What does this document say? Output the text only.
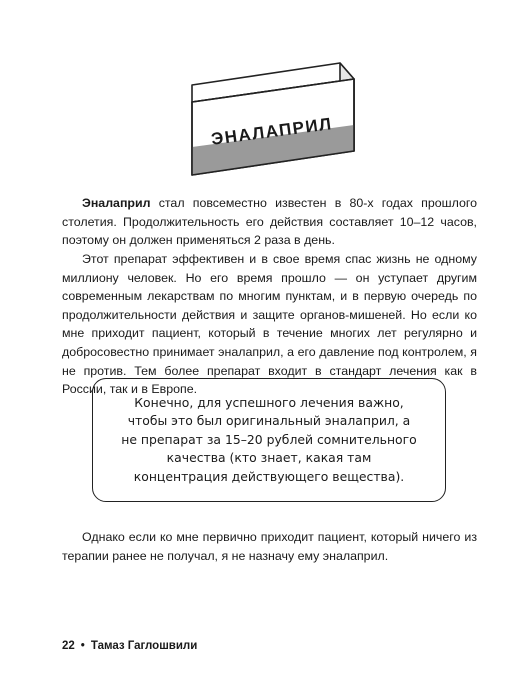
ЭНАЛАПРИЛ

Эналаприл стал повсеместно известен в 80-х годах прошлого столетия. Продолжительность его действия составляет 10–12 часов, поэтому он должен применяться 2 раза в день.

Этот препарат эффективен и в свое время спас жизнь не одному миллиону человек. Но его время прошло — он уступает другим современным лекарствам по многим пунктам, и в первую очередь по продолжительности действия и защите органов-мишеней. Но если ко мне приходит пациент, который в течение многих лет регулярно и добросовестно принимает эналаприл, а его давление под контролем, я не против. Тем более препарат входит в стандарт лечения как в России, так и в Европе.

Конечно, для успешного лечения важно, чтобы это был оригинальный эналаприл, а не препарат за 15–20 рублей сомнительного качества (кто знает, какая там концентрация действующего вещества).

Однако если ко мне первично приходит пациент, который ничего из терапии ранее не получал, я не назначу ему эналаприл.

22 • Тамаз Гаглошвили
